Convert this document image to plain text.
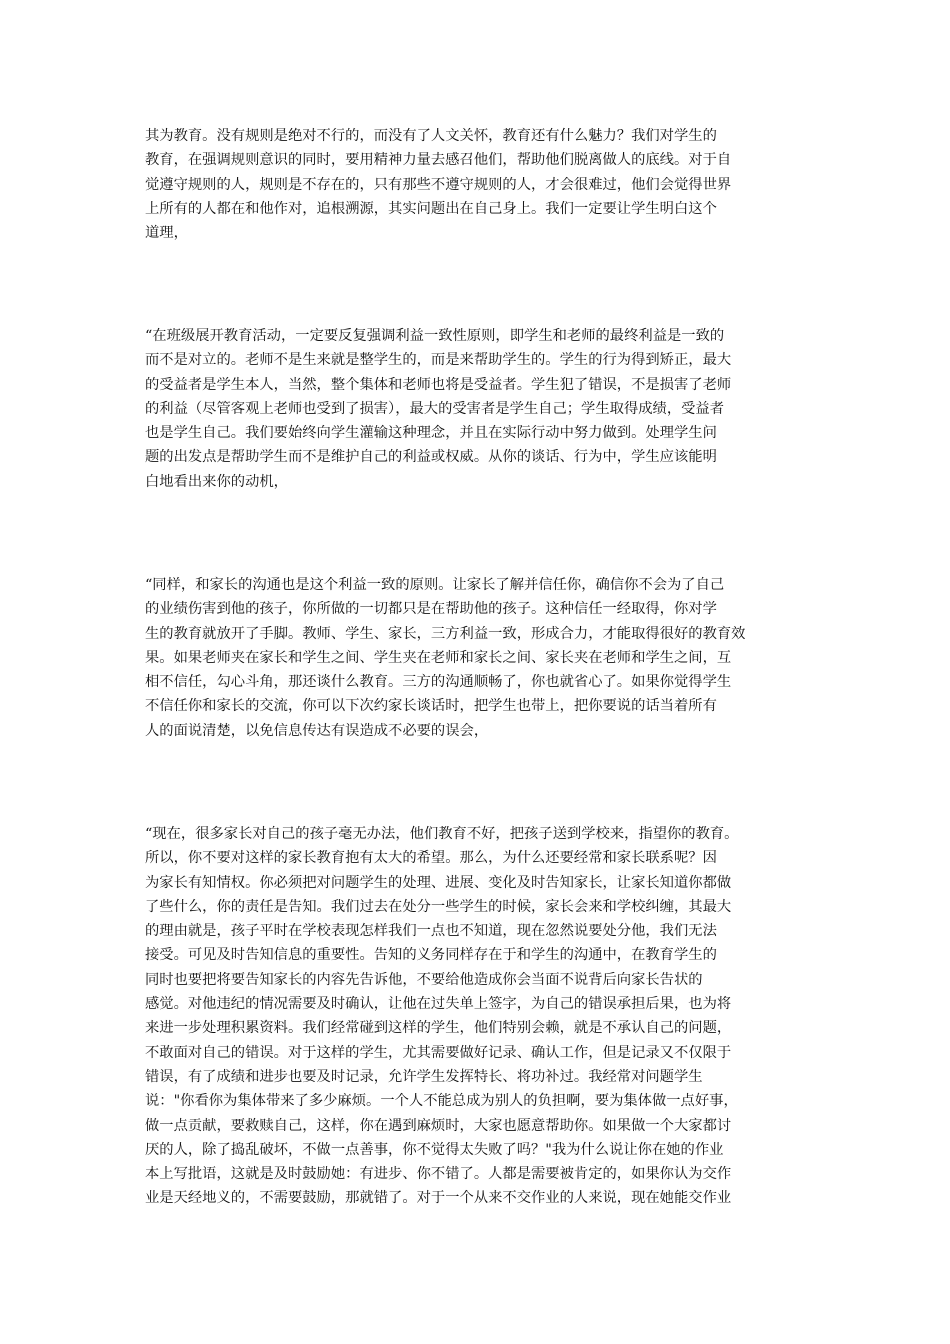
其为教育。没有规则是绝对不行的，而没有了人文关怀，教育还有什么魅力？我们对学生的
教育，在强调规则意识的同时，要用精神力量去感召他们，帮助他们脱离做人的底线。对于自
觉遵守规则的人，规则是不存在的，只有那些不遵守规则的人，才会很难过，他们会觉得世界
上所有的人都在和他作对，追根溯源，其实问题出在自己身上。我们一定要让学生明白这个
道理，
“在班级展开教育活动，一定要反复强调利益一致性原则，即学生和老师的最终利益是一致的
而不是对立的。老师不是生来就是整学生的，而是来帮助学生的。学生的行为得到矫正，最大
的受益者是学生本人，当然，整个集体和老师也将是受益者。学生犯了错误，不是损害了老师
的利益（尽管客观上老师也受到了损害），最大的受害者是学生自己；学生取得成绩，受益者
也是学生自己。我们要始终向学生灌输这种理念，并且在实际行动中努力做到。处理学生问
题的出发点是帮助学生而不是维护自己的利益或权威。从你的谈话、行为中，学生应该能明
白地看出来你的动机，
“同样，和家长的沟通也是这个利益一致的原则。让家长了解并信任你，确信你不会为了自己
的业绩伤害到他的孩子，你所做的一切都只是在帮助他的孩子。这种信任一经取得，你对学
生的教育就放开了手脚。教师、学生、家长，三方利益一致，形成合力，才能取得很好的教育效
果。如果老师夹在家长和学生之间、学生夹在老师和家长之间、家长夹在老师和学生之间，互
相不信任，勾心斗角，那还谈什么教育。三方的沟通顺畅了，你也就省心了。如果你觉得学生
不信任你和家长的交流，你可以下次约家长谈话时，把学生也带上，把你要说的话当着所有
人的面说清楚，以免信息传达有误造成不必要的误会，
“现在，很多家长对自己的孩子毫无办法，他们教育不好，把孩子送到学校来，指望你的教育。
所以，你不要对这样的家长教育抱有太大的希望。那么，为什么还要经常和家长联系呢？因
为家长有知情权。你必须把对问题学生的处理、进展、变化及时告知家长，让家长知道你都做
了些什么，你的责任是告知。我们过去在处分一些学生的时候，家长会来和学校纠缠，其最大
的理由就是，孩子平时在学校表现怎样我们一点也不知道，现在忽然说要处分他，我们无法
接受。可见及时告知信息的重要性。告知的义务同样存在于和学生的沟通中，在教育学生的
同时也要把将要告知家长的内容先告诉他，不要给他造成你会当面不说背后向家长告状的
感觉。对他违纪的情况需要及时确认，让他在过失单上签字，为自己的错误承担后果，也为将
来进一步处理积累资料。我们经常碰到这样的学生，他们特别会赖，就是不承认自己的问题，
不敢面对自己的错误。对于这样的学生，尤其需要做好记录、确认工作，但是记录又不仅限于
错误，有了成绩和进步也要及时记录，允许学生发挥特长、将功补过。我经常对问题学生
说："你看你为集体带来了多少麻烦。一个人不能总成为别人的负担啊，要为集体做一点好事，
做一点贡献，要救赎自己，这样，你在遇到麻烦时，大家也愿意帮助你。如果做一个大家都讨
厌的人，除了捣乱破坏，不做一点善事，你不觉得太失败了吗？"我为什么说让你在她的作业
本上写批语，这就是及时鼓励她：有进步、你不错了。人都是需要被肯定的，如果你认为交作
业是天经地义的，不需要鼓励，那就错了。对于一个从来不交作业的人来说，现在她能交作业
